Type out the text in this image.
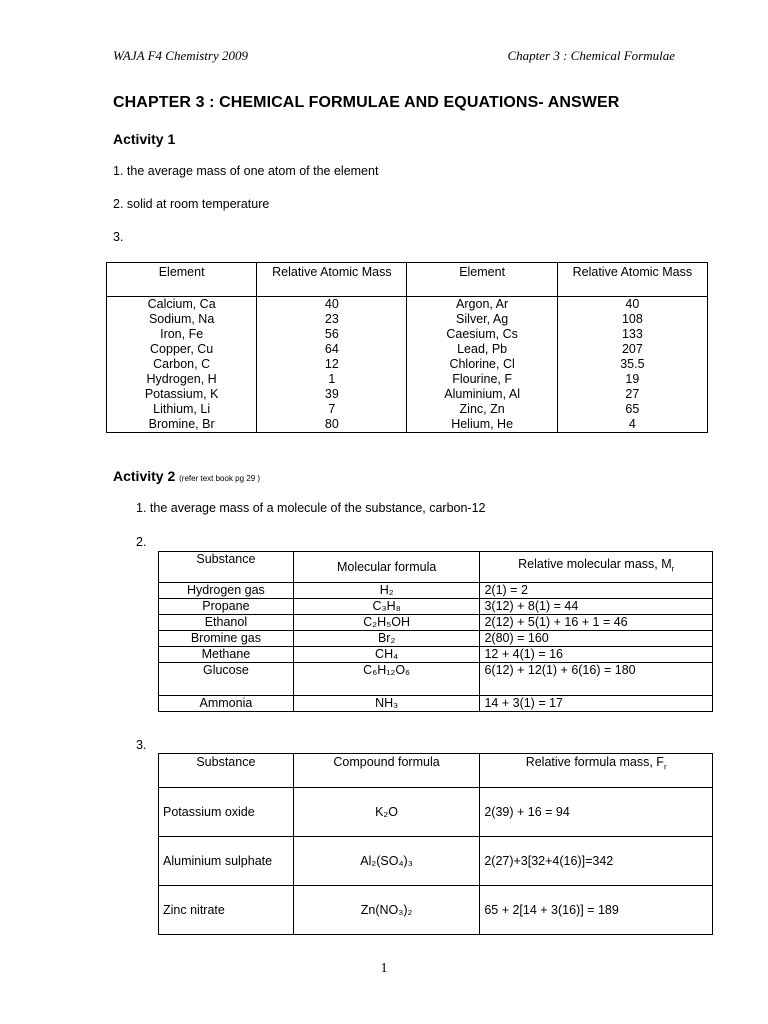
WAJA F4 Chemistry 2009	Chapter 3 : Chemical Formulae
CHAPTER 3 : CHEMICAL FORMULAE AND EQUATIONS- ANSWER
Activity 1
1. the average mass of one atom of the element
2. solid at room temperature
3.
Element	Relative Atomic Mass	Element	Relative Atomic Mass
Calcium, Ca	40	Argon, Ar	40
Sodium, Na	23	Silver, Ag	108
Iron, Fe	56	Caesium, Cs	133
Copper, Cu	64	Lead, Pb	207
Carbon, C	12	Chlorine, Cl	35.5
Hydrogen, H	1	Flourine, F	19
Potassium, K	39	Aluminium, Al	27
Lithium, Li	7	Zinc, Zn	65
Bromine, Br	80	Helium, He	4
Activity 2 (refer text book pg 29 )
1. the average mass of a molecule of the substance, carbon-12
2.
Substance	Molecular formula	Relative molecular mass, $M_r$
Hydrogen gas	H₂	2(1) = 2
Propane	C₃H₈	3(12) + 8(1) = 44
Ethanol	C₂H₅OH	2(12) + 5(1) + 16 + 1 = 46
Bromine gas	Br₂	2(80) = 160
Methane	CH₄	12 + 4(1) = 16
Glucose	C₆H₁₂O₆	6(12) + 12(1) + 6(16) = 180
Ammonia	NH₃	14 + 3(1) = 17
3.
Substance	Compound formula	Relative formula mass, $F_r$
Potassium oxide	K₂O	2(39) + 16 = 94
Aluminium sulphate	Al₂(SO₄)₃	2(27)+3[32+4(16)]=342
Zinc nitrate	Zn(NO₃)₂	65 + 2[14 + 3(16)] = 189
1
